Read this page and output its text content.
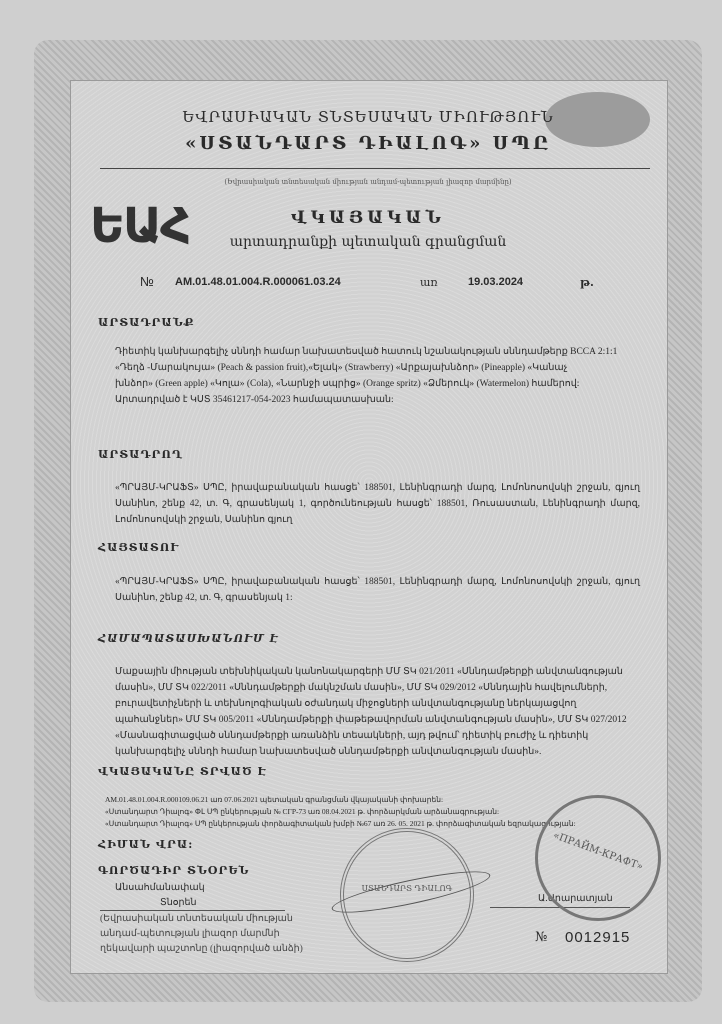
ԵՎՐԱՍԻԱԿԱՆ ՏՆՏԵՍԱԿԱՆ ՄԻՈՒԹՅՈՒՆ
«ՍՏԱՆԴԱՐՏ ԴԻԱԼՈԳ» ՍՊԸ
(Եվրասիական տնտեսական միության անդամ-պետության լիազոր մարմինը)
ԵԱՀ	ՎԿԱՅԱԿԱՆ
արտադրանքի պետական գրանցման
№ AM.01.48.01.004.R.000061.03.24	առ	19.03.2024	թ.
ԱՐՏԱԴՐԱՆՔ
Դիետիկ կանխարգելիչ սննդի համար նախատեսված հատուկ նշանակության սննդամթերք BCCA 2:1:1
«Դեղձ -Մարակույա» (Peach & passion fruit),«Ելակ» (Strawberry) «Արքայախնձոր» (Pineapple) «Կանաչ
խնձոր» (Green apple) «Կոլա» (Cola), «Նարնջի սպրից» (Orange spritz) «Ձմերուկ» (Watermelon) համերով:
Արտադրված է ԿՍՏ 35461217-054-2023 համապատասխան:
ԱՐՏԱԴՐՈՂ
«ՊՐԱՅՄ-ԿՐԱՖՏ» ՍՊԸ, իրավաբանական հասցե՝ 188501, Լենինգրադի մարզ, Լոմոնոսովսկի շրջան, գյուղ Սանինո, շենք 42, տ. Գ, գրասենյակ 1, գործունեության հասցե՝ 188501, Ռուսաստան, Լենինգրադի մարզ, Լոմոնոսովսկի շրջան, Սանինո գյուղ
ՀԱՅՏԱՏՈՒ
«ՊՐԱՅՄ-ԿՐԱՖՏ» ՍՊԸ, իրավաբանական հասցե՝ 188501, Լենինգրադի մարզ, Լոմոնոսովսկի շրջան, գյուղ Սանինո, շենք 42, տ. Գ, գրասենյակ 1:
ՀԱՄԱՊԱՏԱՍԽԱՆՈՒՄ Է
Մաքսային միության տեխնիկական կանոնակարգերի ՄՄ ՏԿ 021/2011 «Սննդամթերքի անվտանգության մասին», ՄՄ ՏԿ 022/2011 «Սննդամթերքի մակնշման մասին», ՄՄ ՏԿ 029/2012 «Սննդային հավելումների, բուրավետիչների և տեխնոլոգիական օժանդակ միջոցների անվտանգությանը ներկայացվող պահանջներ» ՄՄ ՏԿ 005/2011 «Սննդամթերքի փաթեթավորման անվտանգության մասին», ՄՄ ՏԿ 027/2012 «Մասնագիտացված սննդամթերքի առանձին տեսակների, այդ թվում՝ դիետիկ բուժիչ և դիետիկ կանխարգելիչ սննդի համար նախատեսված սննդամթերքի անվտանգության մասին».
ՎԿԱՅԱԿԱՆԸ ՏՐՎԱԾ Է
AM.01.48.01.004.R.000109.06.21 առ 07.06.2021 պետական գրանցման վկայականի փոխարեն:
«Ստանդարտ Դիալոգ» ՓԼ ՍՊ ընկերության № СГР-73 առ 08.04.2021 թ. փորձարկման արձանագրության:
«Ստանդարտ Դիալոգ» ՍՊ ընկերության փորձագիտական խմբի №67 առ 26. 05. 2021 թ. փորձագիտական եզրակացության:
ՀԻՄԱՆ ՎՐԱ:
ԳՈՐԾԱԴԻՐ ՏՆՕՐԵՆ
Անսահմանափակ
Տնօրեն
(Եվրասիական տնտեսական միության
անդամ-պետության լիազոր մարմնի
ղեկավարի պաշտոնը (լիազորված անձի)
Ա.Արարատյան
ՍՏԱՆԴԱՐՏ ԴԻԱԼՈԳ
«ПРАЙМ-КРАФТ»
№ 0012915
